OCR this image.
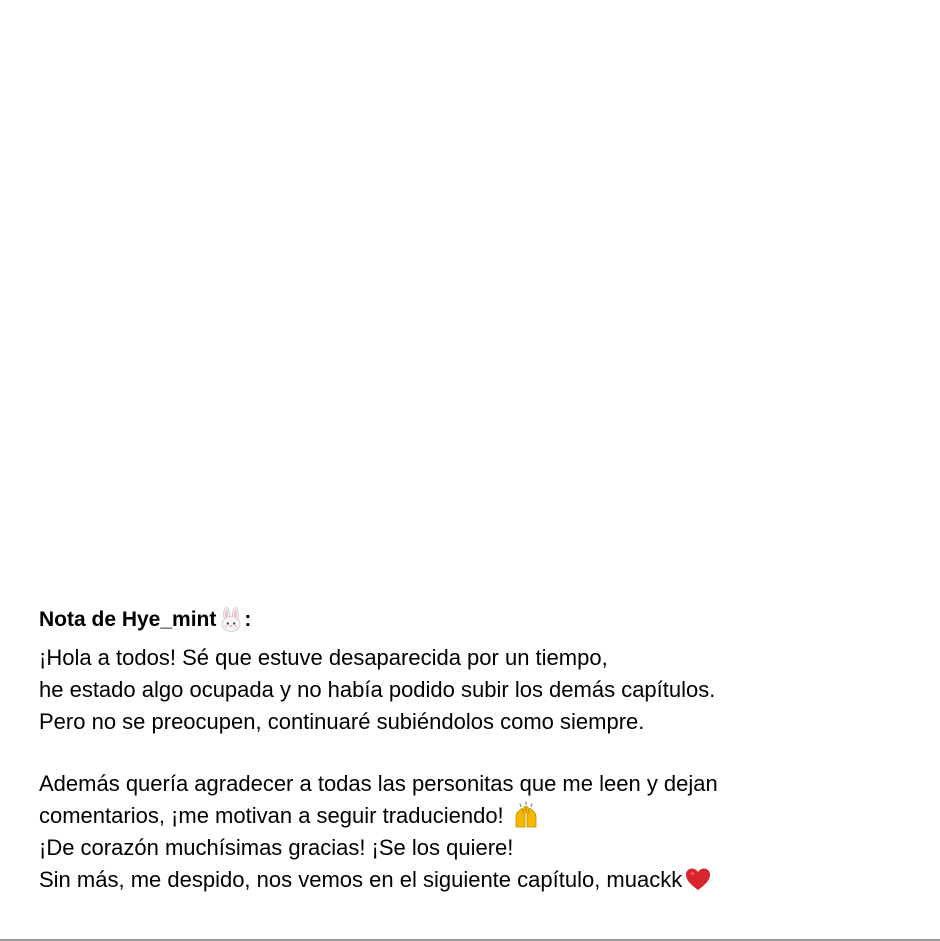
Nota de Hye_mint :
¡Hola a todos! Sé que estuve desaparecida por un tiempo,
he estado algo ocupada y no había podido subir los demás capítulos.
Pero no se preocupen, continuaré subiéndolos como siempre.
Además quería agradecer a todas las personitas que me leen y dejan
comentarios, ¡me motivan a seguir traduciendo!
¡De corazón muchísimas gracias! ¡Se los quiere!
Sin más, me despido, nos vemos en el siguiente capítulo, muackk
